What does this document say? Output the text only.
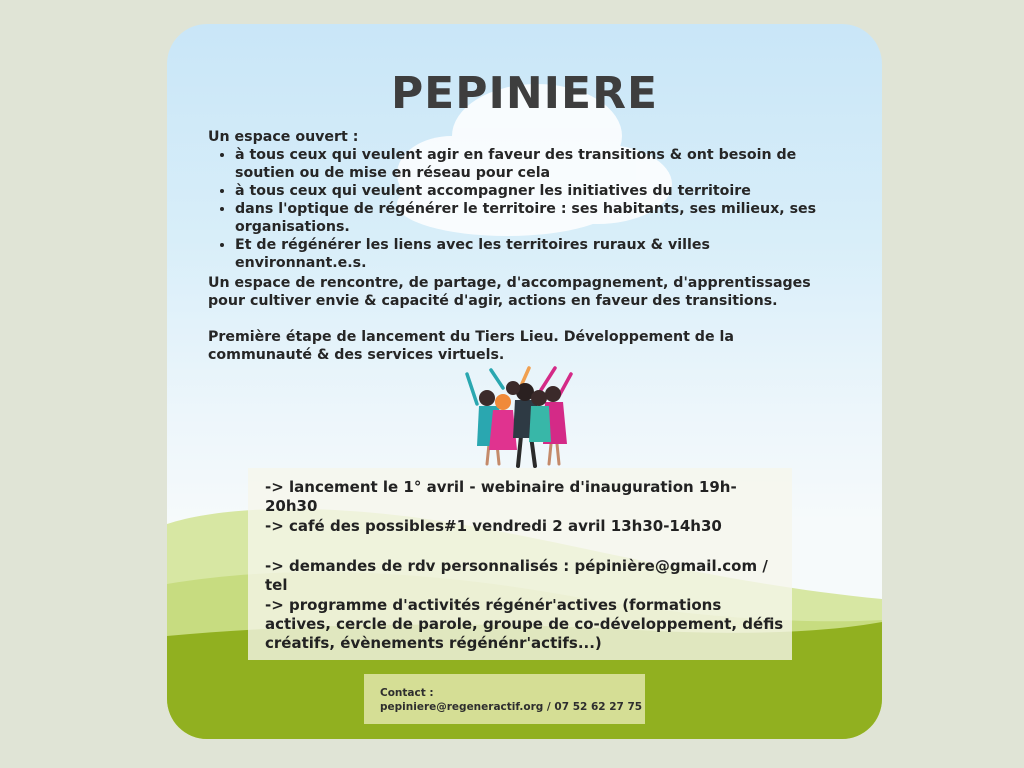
PEPINIERE

Un espace ouvert :

• à tous ceux qui veulent agir en faveur des transitions & ont besoin de soutien ou de mise en réseau pour cela
• à tous ceux qui veulent accompagner les initiatives du territoire
• dans l'optique de régénérer le territoire : ses habitants, ses milieux, ses organisations.
• Et de régénérer les liens avec les territoires ruraux & villes environnant.e.s.

Un espace de rencontre, de partage, d'accompagnement, d'apprentissages pour cultiver envie & capacité d'agir, actions en faveur des transitions.

Première étape de lancement du Tiers Lieu. Développement de la communauté & des services virtuels.

-> lancement le 1° avril - webinaire d'inauguration 19h-20h30

-> café des possibles#1 vendredi 2 avril 13h30-14h30

-> demandes de rdv personnalisés : pépinière@gmail.com / tel

-> programme d'activités régénér'actives (formations actives, cercle de parole, groupe de co-développement, défis créatifs, évènements régénénr'actifs...)

Contact :
pepiniere@regeneractif.org / 07 52 62 27 75
